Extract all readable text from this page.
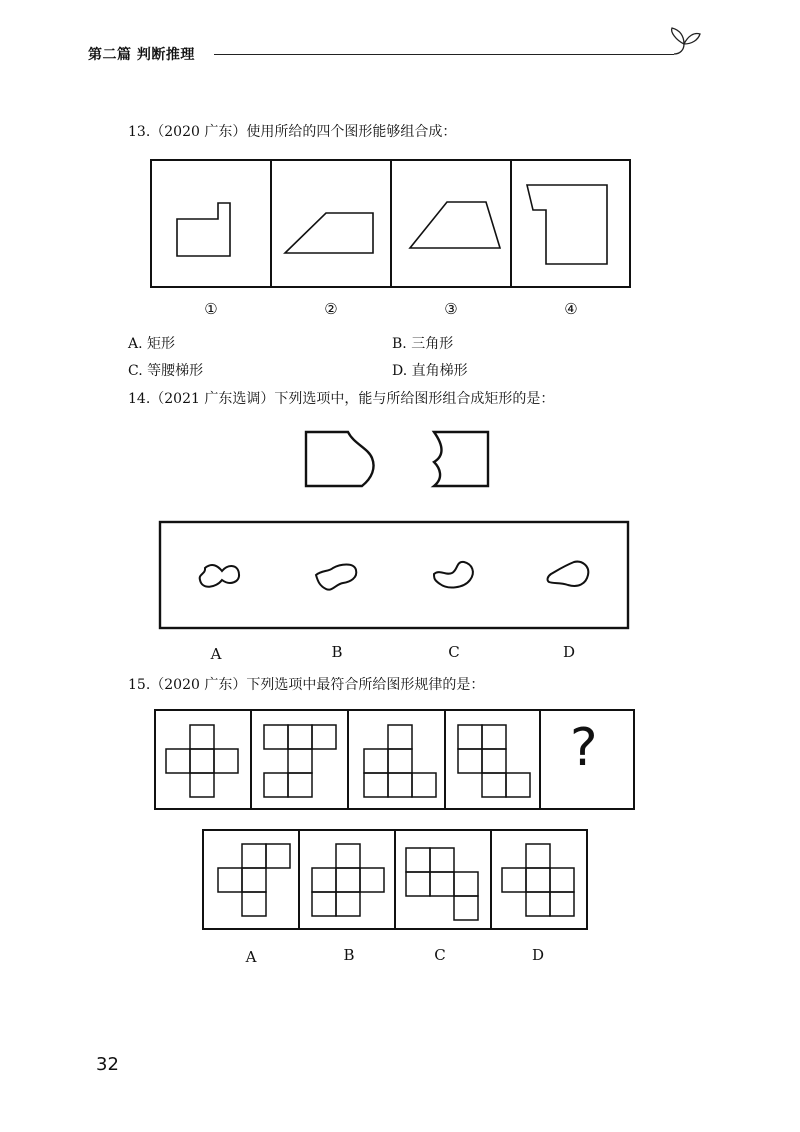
第二篇 判断推理
13.（2020 广东）使用所给的四个图形能够组合成：
①	②	③	④
A. 矩形	B. 三角形
C. 等腰梯形	D. 直角梯形
14.（2021 广东选调）下列选项中，能与所给图形组合成矩形的是：
A	B	C	D
15.（2020 广东）下列选项中最符合所给图形规律的是：
?
A	B	C	D
32
